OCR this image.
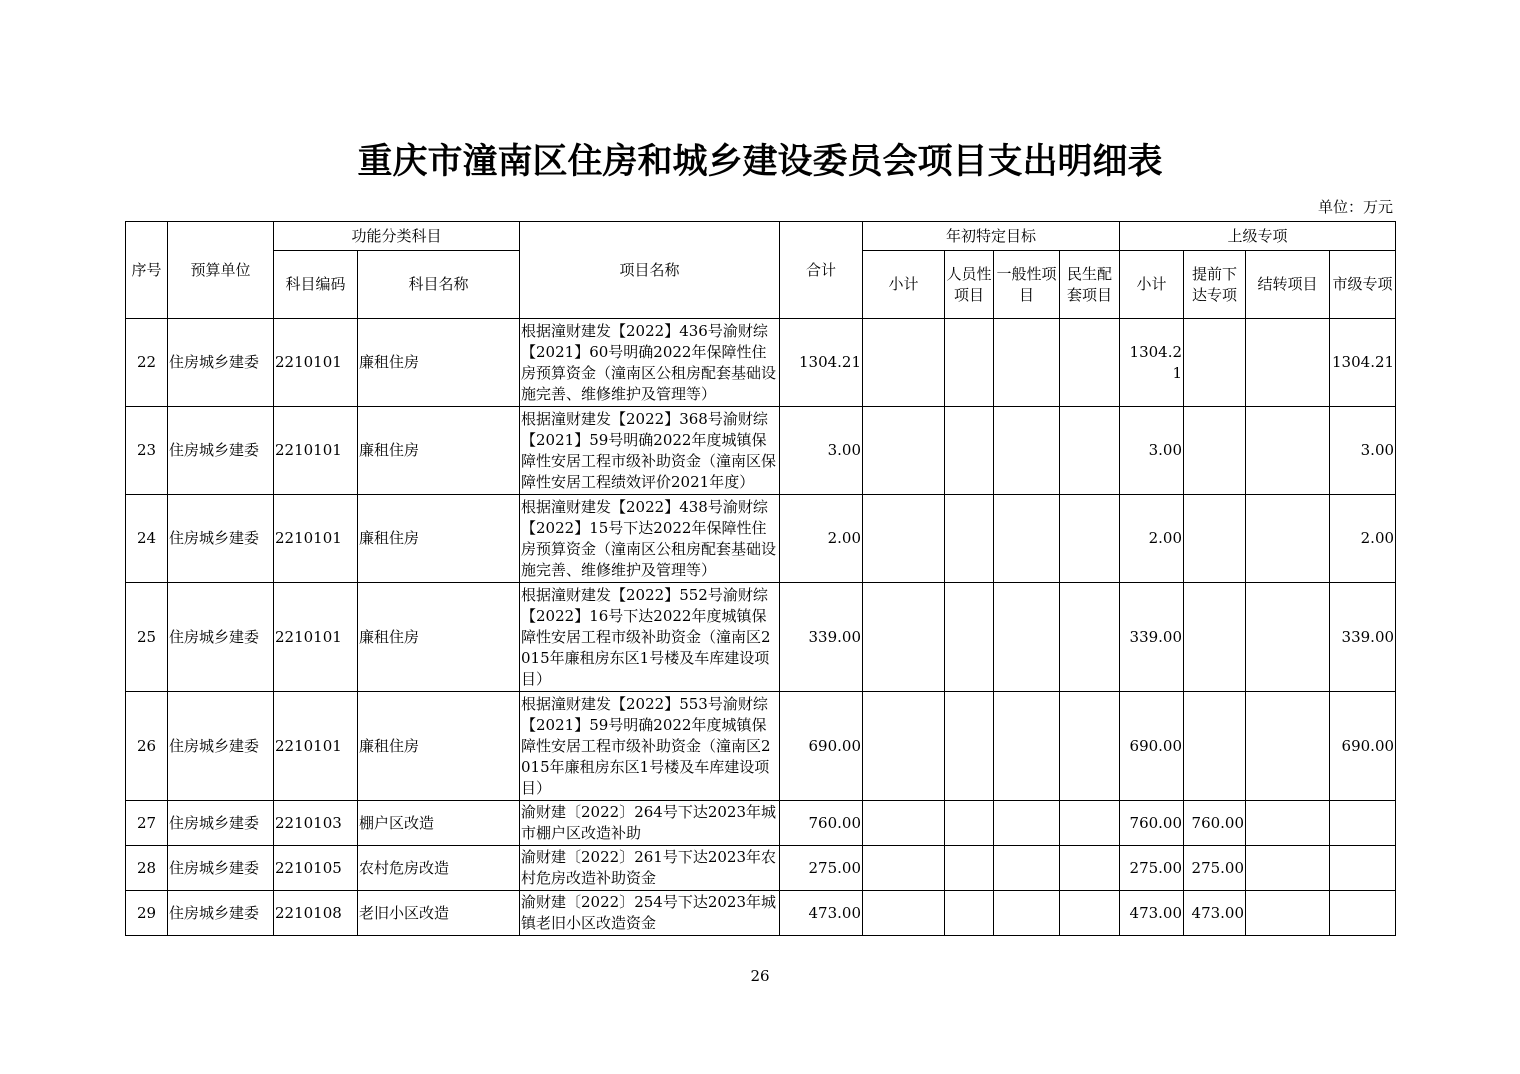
重庆市潼南区住房和城乡建设委员会项目支出明细表
单位：万元
序号	预算单位	功能分类科目		项目名称	合计	年初特定目标				上级专项			
		科目编码	科目名称			小计	人员性项目	一般性项目	民生配套项目	小计	提前下达专项	结转项目	市级专项
22	住房城乡建委	2210101	廉租住房	根据潼财建发【2022】436号渝财综【2021】60号明确2022年保障性住房预算资金（潼南区公租房配套基础设施完善、维修维护及管理等）	1304.21					1304.21			1304.21
23	住房城乡建委	2210101	廉租住房	根据潼财建发【2022】368号渝财综【2021】59号明确2022年度城镇保障性安居工程市级补助资金（潼南区保障性安居工程绩效评价2021年度）	3.00					3.00			3.00
24	住房城乡建委	2210101	廉租住房	根据潼财建发【2022】438号渝财综【2022】15号下达2022年保障性住房预算资金（潼南区公租房配套基础设施完善、维修维护及管理等）	2.00					2.00			2.00
25	住房城乡建委	2210101	廉租住房	根据潼财建发【2022】552号渝财综【2022】16号下达2022年度城镇保障性安居工程市级补助资金（潼南区2015年廉租房东区1号楼及车库建设项目）	339.00					339.00			339.00
26	住房城乡建委	2210101	廉租住房	根据潼财建发【2022】553号渝财综【2021】59号明确2022年度城镇保障性安居工程市级补助资金（潼南区2015年廉租房东区1号楼及车库建设项目）	690.00					690.00			690.00
27	住房城乡建委	2210103	棚户区改造	渝财建〔2022〕264号下达2023年城市棚户区改造补助	760.00					760.00	760.00		
28	住房城乡建委	2210105	农村危房改造	渝财建〔2022〕261号下达2023年农村危房改造补助资金	275.00					275.00	275.00		
29	住房城乡建委	2210108	老旧小区改造	渝财建〔2022〕254号下达2023年城镇老旧小区改造资金	473.00					473.00	473.00		
26
